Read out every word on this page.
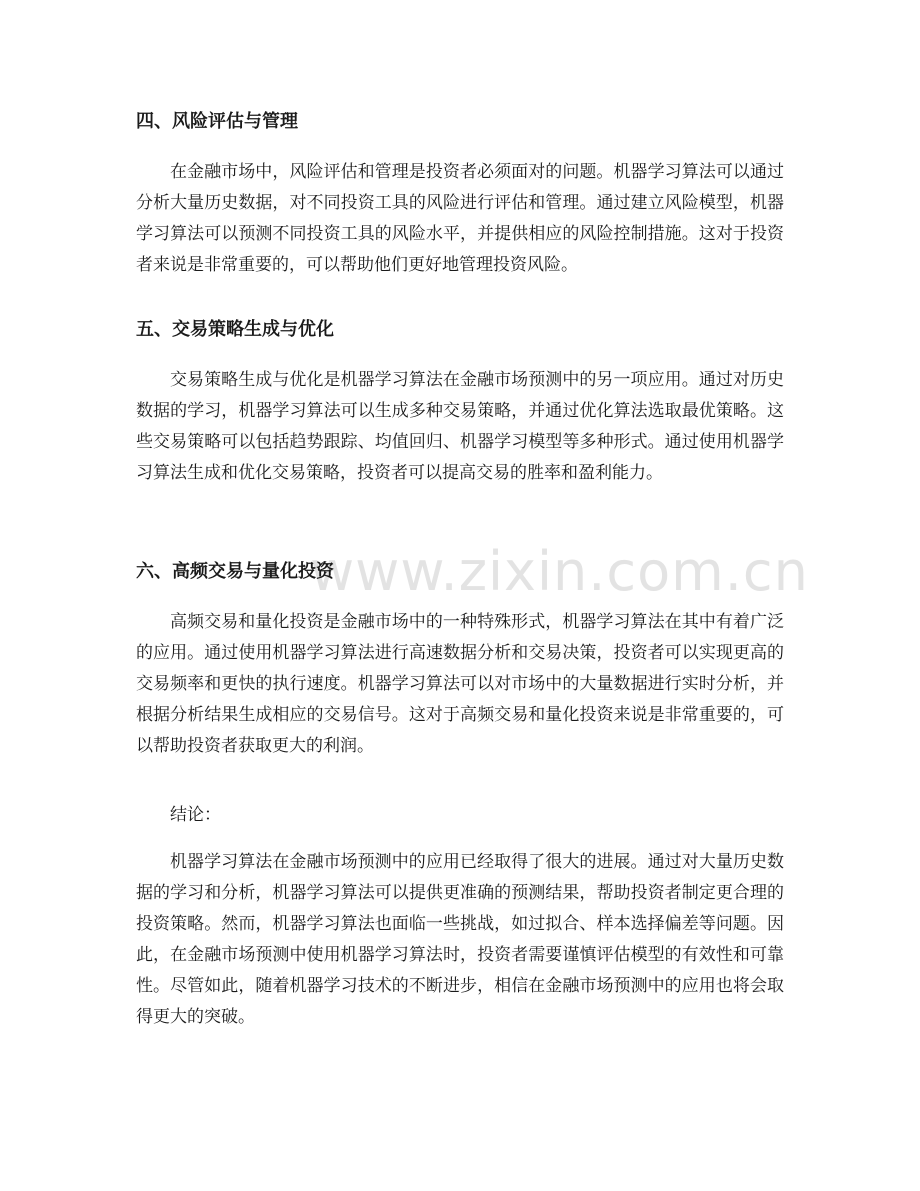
www.zixin.com.cn
四、风险评估与管理

在金融市场中，风险评估和管理是投资者必须面对的问题。机器学习算法可以通过分析大量历史数据，对不同投资工具的风险进行评估和管理。通过建立风险模型，机器学习算法可以预测不同投资工具的风险水平，并提供相应的风险控制措施。这对于投资者来说是非常重要的，可以帮助他们更好地管理投资风险。

五、交易策略生成与优化

交易策略生成与优化是机器学习算法在金融市场预测中的另一项应用。通过对历史数据的学习，机器学习算法可以生成多种交易策略，并通过优化算法选取最优策略。这些交易策略可以包括趋势跟踪、均值回归、机器学习模型等多种形式。通过使用机器学习算法生成和优化交易策略，投资者可以提高交易的胜率和盈利能力。

六、高频交易与量化投资

高频交易和量化投资是金融市场中的一种特殊形式，机器学习算法在其中有着广泛的应用。通过使用机器学习算法进行高速数据分析和交易决策，投资者可以实现更高的交易频率和更快的执行速度。机器学习算法可以对市场中的大量数据进行实时分析，并根据分析结果生成相应的交易信号。这对于高频交易和量化投资来说是非常重要的，可以帮助投资者获取更大的利润。

结论：

机器学习算法在金融市场预测中的应用已经取得了很大的进展。通过对大量历史数据的学习和分析，机器学习算法可以提供更准确的预测结果，帮助投资者制定更合理的投资策略。然而，机器学习算法也面临一些挑战，如过拟合、样本选择偏差等问题。因此，在金融市场预测中使用机器学习算法时，投资者需要谨慎评估模型的有效性和可靠性。尽管如此，随着机器学习技术的不断进步，相信在金融市场预测中的应用也将会取得更大的突破。
